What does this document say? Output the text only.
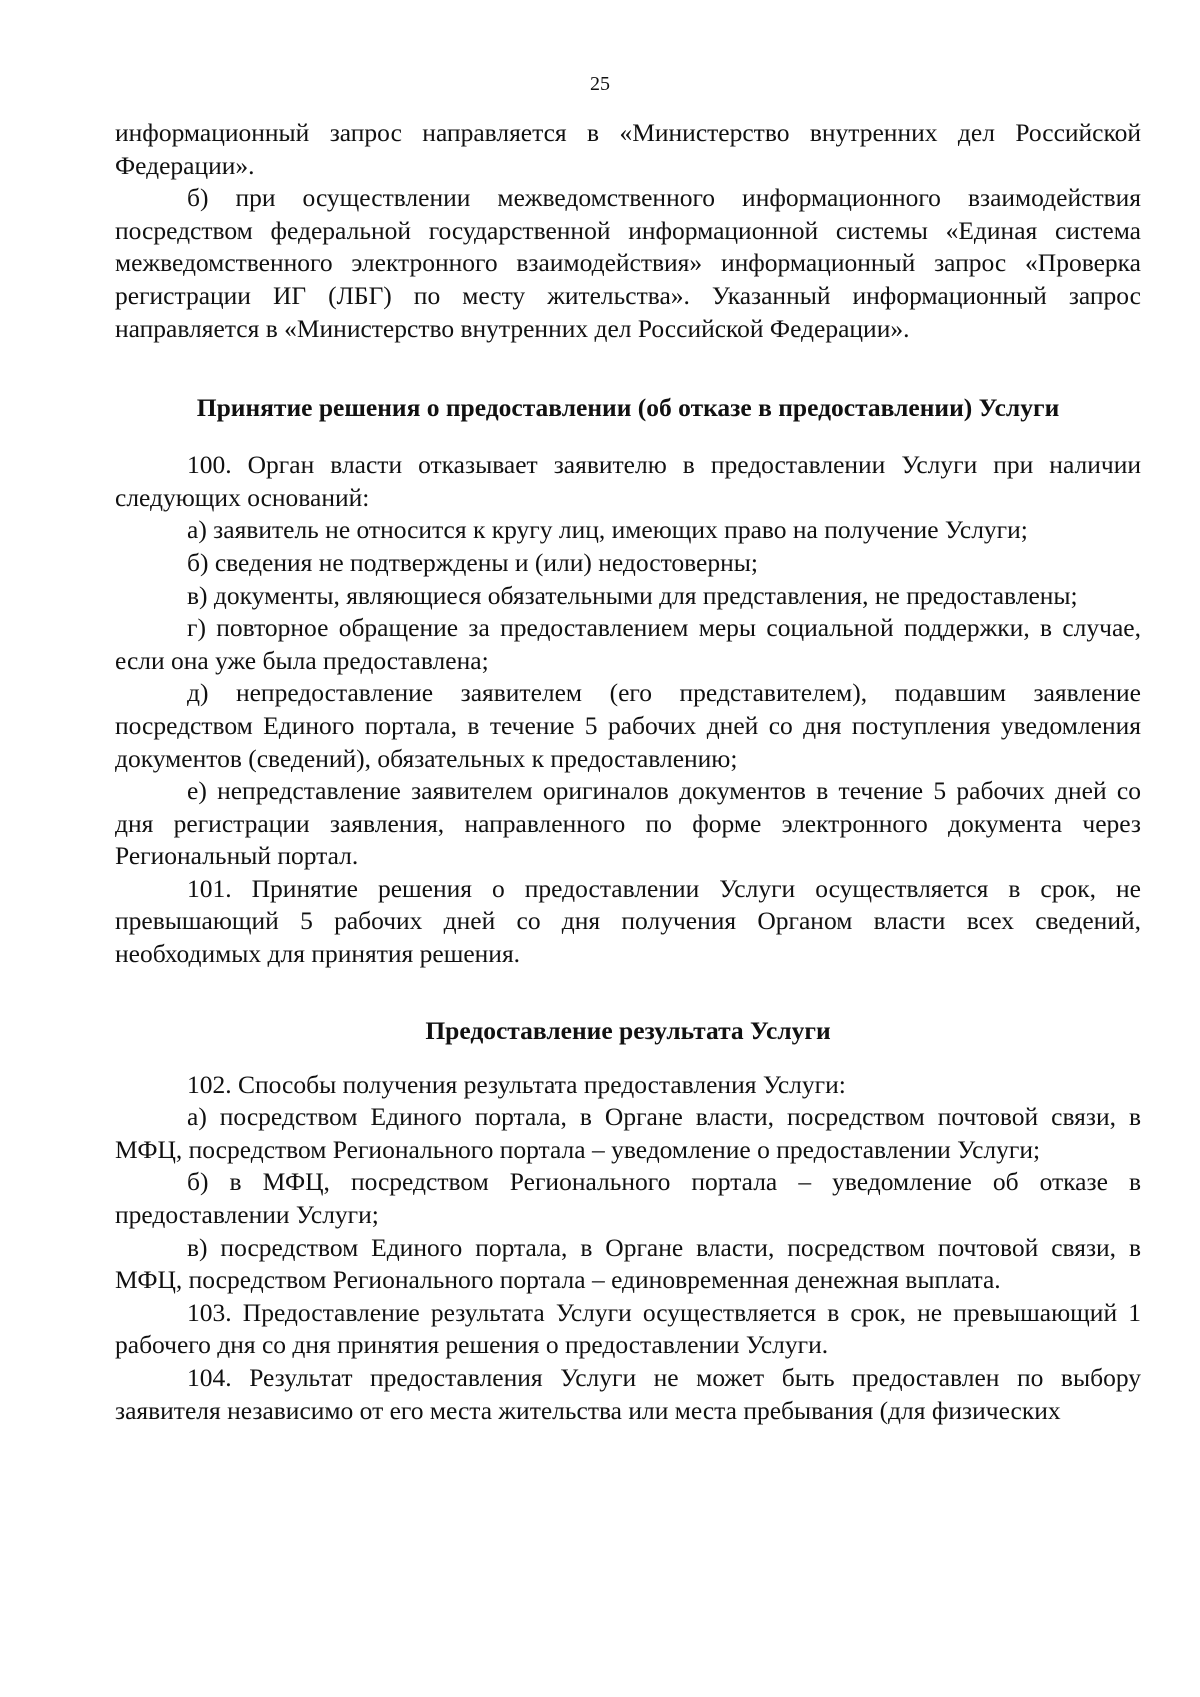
25

информационный запрос направляется в «Министерство внутренних дел Российской Федерации».

б) при осуществлении межведомственного информационного взаимодействия посредством федеральной государственной информационной системы «Единая система межведомственного электронного взаимодействия» информационный запрос «Проверка регистрации ИГ (ЛБГ) по месту жительства». Указанный информационный запрос направляется в «Министерство внутренних дел Российской Федерации».

Принятие решения о предоставлении (об отказе в предоставлении) Услуги

100. Орган власти отказывает заявителю в предоставлении Услуги при наличии следующих оснований:

а) заявитель не относится к кругу лиц, имеющих право на получение Услуги;

б) сведения не подтверждены и (или) недостоверны;

в) документы, являющиеся обязательными для представления, не предоставлены;

г) повторное обращение за предоставлением меры социальной поддержки, в случае, если она уже была предоставлена;

д) непредоставление заявителем (его представителем), подавшим заявление посредством Единого портала, в течение 5 рабочих дней со дня поступления уведомления документов (сведений), обязательных к предоставлению;

е) непредставление заявителем оригиналов документов в течение 5 рабочих дней со дня регистрации заявления, направленного по форме электронного документа через Региональный портал.

101. Принятие решения о предоставлении Услуги осуществляется в срок, не превышающий 5 рабочих дней со дня получения Органом власти всех сведений, необходимых для принятия решения.

Предоставление результата Услуги

102. Способы получения результата предоставления Услуги:

а) посредством Единого портала, в Органе власти, посредством почтовой связи, в МФЦ, посредством Регионального портала – уведомление о предоставлении Услуги;

б) в МФЦ, посредством Регионального портала – уведомление об отказе в предоставлении Услуги;

в) посредством Единого портала, в Органе власти, посредством почтовой связи, в МФЦ, посредством Регионального портала – единовременная денежная выплата.

103. Предоставление результата Услуги осуществляется в срок, не превышающий 1 рабочего дня со дня принятия решения о предоставлении Услуги.

104. Результат предоставления Услуги не может быть предоставлен по выбору заявителя независимо от его места жительства или места пребывания (для физических
